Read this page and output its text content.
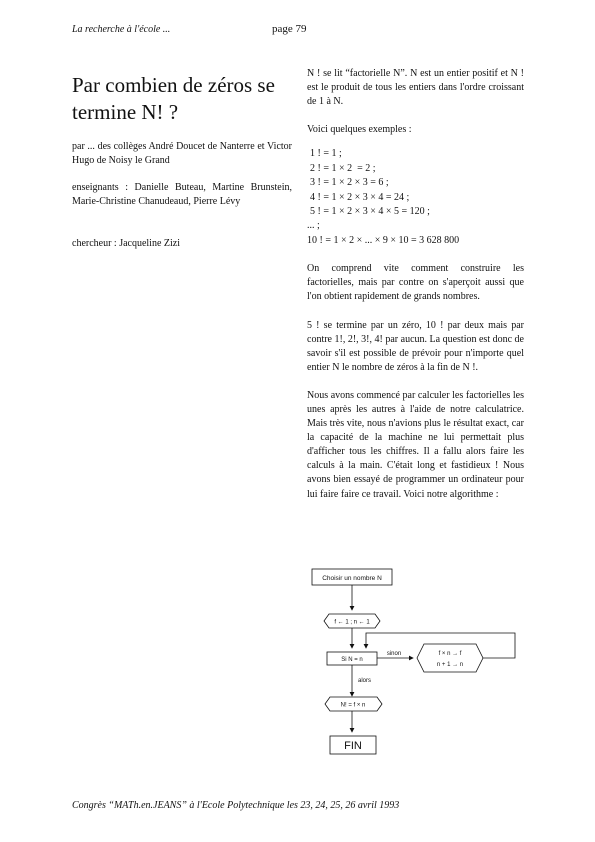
La recherche à l'école ...	page 79
Par combien de zéros se termine N! ?
par ... des collèges André Doucet de Nanterre et Victor Hugo de Noisy le Grand
enseignants : Danielle Buteau, Martine Brunstein, Marie-Christine Chanudeaud, Pierre Lévy
chercheur : Jacqueline Zizi

N ! se lit “factorielle N”. N est un entier positif et N ! est le produit de tous les entiers dans l'ordre croissant de 1 à N.

Voici quelques exemples :

1 ! = 1 ;
2 ! = 1 × 2  = 2 ;
3 ! = 1 × 2 × 3 = 6 ;
4 ! = 1 × 2 × 3 × 4 = 24 ;
5 ! = 1 × 2 × 3 × 4 × 5 = 120 ;
... ;
10 ! = 1 × 2 × ... × 9 × 10 = 3 628 800

On comprend vite comment construire les factorielles, mais par contre on s'aperçoit aussi que l'on obtient rapidement de grands nombres.

5 ! se termine par un zéro, 10 ! par deux mais par contre 1!, 2!, 3!, 4! par aucun. La question est donc de savoir s'il est possible de prévoir pour n'importe quel entier N le nombre de zéros à la fin de N !.

Nous avons commencé par calculer les factorielles les unes après les autres à l'aide de notre calculatrice. Mais très vite, nous n'avions plus le résultat exact, car la capacité de la machine ne lui permettait plus d'afficher tous les chiffres. Il a fallu alors faire les calculs à la main. C'était long et fastidieux ! Nous avons bien essayé de programmer un ordinateur pour lui faire faire ce travail. Voici notre algorithme :

Choisir un nombre N
f ← 1 ; n ← 1
Si N = n
sinon	f × n → f
n + 1 → n
alors
N! = f × n
FIN
Congrès “MATh.en.JEANS” à l'Ecole Polytechnique les 23, 24, 25, 26 avril 1993
